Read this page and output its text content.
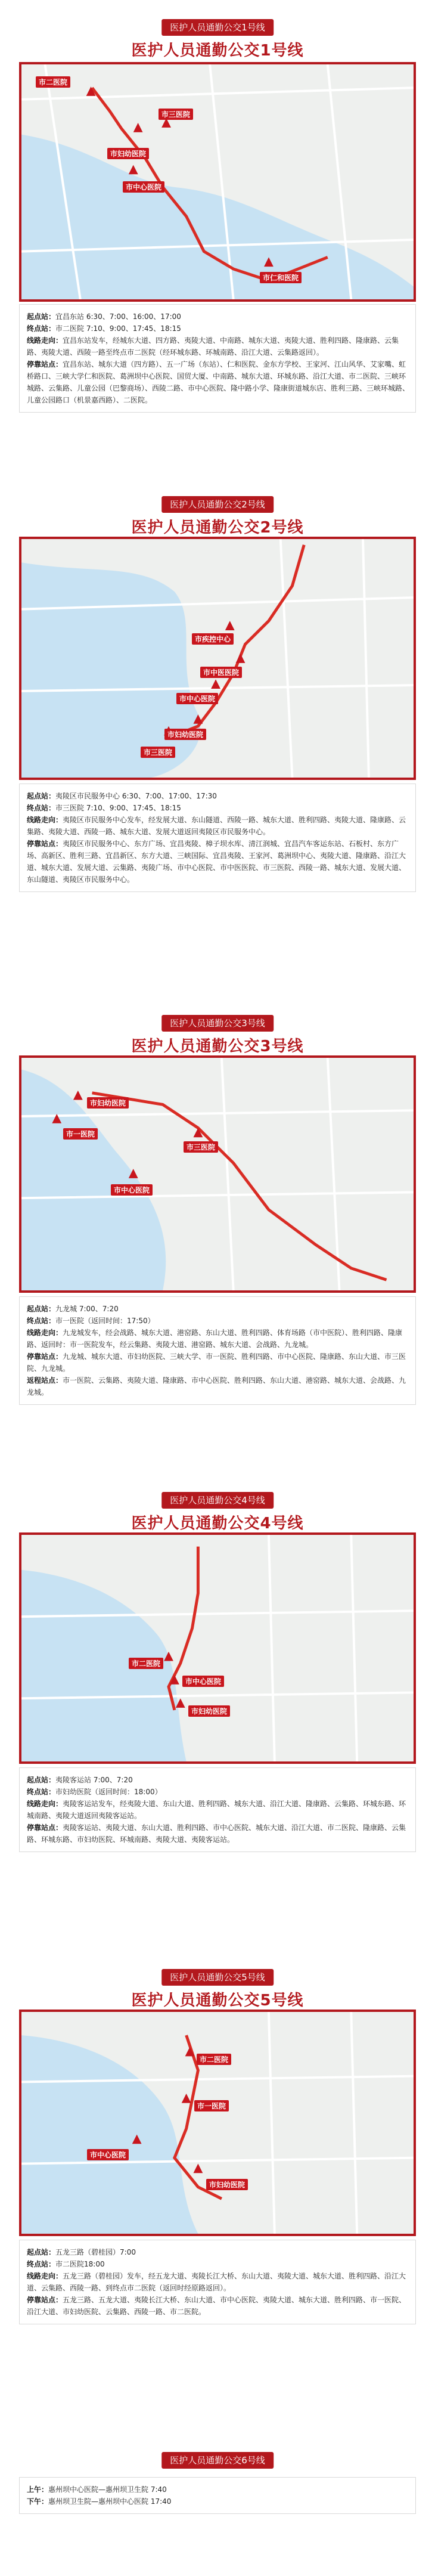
医护人员通勤公交1号线
医护人员通勤公交1号线
市二医院
市三医院
市妇幼医院
市中心医院
市仁和医院

起点站：宜昌东站 6:30、7:00、16:00、17:00

终点站：市二医院 7:10、9:00、17:45、18:15

线路走向：宜昌东站发车，经城东大道、四方路、夷陵大道、中南路、城东大道、夷陵大道、胜利四路、隆康路、云集路、夷陵大道、西陵一路至终点市二医院（经环城东路、环城南路、沿江大道、云集路返回）。

停靠站点：宜昌东站、城东大道（四方路）、五一广场（东站）、仁和医院、金东方学校、王家河、江山风华、艾家嘴、虹桥路口、三峡大学仁和医院、葛洲坝中心医院、国贸大厦、中南路、城东大道、环城东路、沿江大道、市二医院、三峡环城路、云集路、儿童公园（巴黎商场）、西陵二路、市中心医院、隆中路小学、隆康街道城东店、胜利三路、三峡环城路、儿童公园路口（机景嘉西路）、二医院。

医护人员通勤公交2号线
医护人员通勤公交2号线
市疾控中心
市中医医院
市中心医院
市妇幼医院
市三医院

起点站：夷陵区市民服务中心 6:30、7:00、17:00、17:30

终点站：市三医院 7:10、9:00、17:45、18:15

线路走向：夷陵区市民服务中心发车，经发展大道、东山隧道、西陵一路、城东大道、胜利四路、夷陵大道、隆康路、云集路、夷陵大道、西陵一路、城东大道、发展大道返回夷陵区市民服务中心。

停靠站点：夷陵区市民服务中心、东方广场、宜昌夷陵、樟子坝水库、清江润城、宜昌汽车客运东站、石板村、东方广场、高新区、胜利三路、宜昌新区、东方大道、三峡国际、宜昌夷陵、王家河、葛洲坝中心、夷陵大道、隆康路、沿江大道、城东大道、发展大道、云集路、夷陵广场、市中心医院、市中医医院、市三医院、西陵一路、城东大道、发展大道、东山隧道、夷陵区市民服务中心。

医护人员通勤公交3号线
医护人员通勤公交3号线
市妇幼医院
市一医院
市三医院
市中心医院

起点站：九龙城 7:00、7:20

终点站：市一医院（返回时间：17:50）

线路走向：九龙城发车，经会战路、城东大道、港窑路、东山大道、胜利四路、体育场路（市中医院）、胜利四路、隆康路、返回时：市一医院发车，经云集路、夷陵大道、港窑路、城东大道、会战路、九龙城。

停靠站点：九龙城、城东大道、市妇幼医院、三峡大学、市一医院、胜利四路、市中心医院、隆康路、东山大道、市三医院、九龙城。

返程站点：市一医院、云集路、夷陵大道、隆康路、市中心医院、胜利四路、东山大道、港窑路、城东大道、会战路、九龙城。

医护人员通勤公交4号线
医护人员通勤公交4号线
市二医院
市中心医院
市妇幼医院

起点站：夷陵客运站 7:00、7:20

终点站：市妇幼医院（返回时间：18:00）

线路走向：夷陵客运站发车，经夷陵大道、东山大道、胜利四路、城东大道、沿江大道、隆康路、云集路、环城东路、环城南路、夷陵大道返回夷陵客运站。

停靠站点：夷陵客运站、夷陵大道、东山大道、胜利四路、市中心医院、城东大道、沿江大道、市二医院、隆康路、云集路、环城东路、市妇幼医院、环城南路、夷陵大道、夷陵客运站。

医护人员通勤公交5号线
医护人员通勤公交5号线
市二医院
市一医院
市中心医院
市妇幼医院

起点站：五龙三路（碧桂园）7:00

终点站：市二医院18:00

线路走向：五龙三路（碧桂园）发车，经五龙大道、夷陵长江大桥、东山大道、夷陵大道、城东大道、胜利四路、沿江大道、云集路、西陵一路、到终点市二医院（返回时经原路返回）。

停靠站点：五龙三路、五龙大道、夷陵长江大桥、东山大道、市中心医院、夷陵大道、城东大道、胜利四路、市一医院、沿江大道、市妇幼医院、云集路、西陵一路、市二医院。

医护人员通勤公交6号线

上午：惠州坝中心医院—惠州坝卫生院 7:40

下午：惠州坝卫生院—惠州坝中心医院 17:40
